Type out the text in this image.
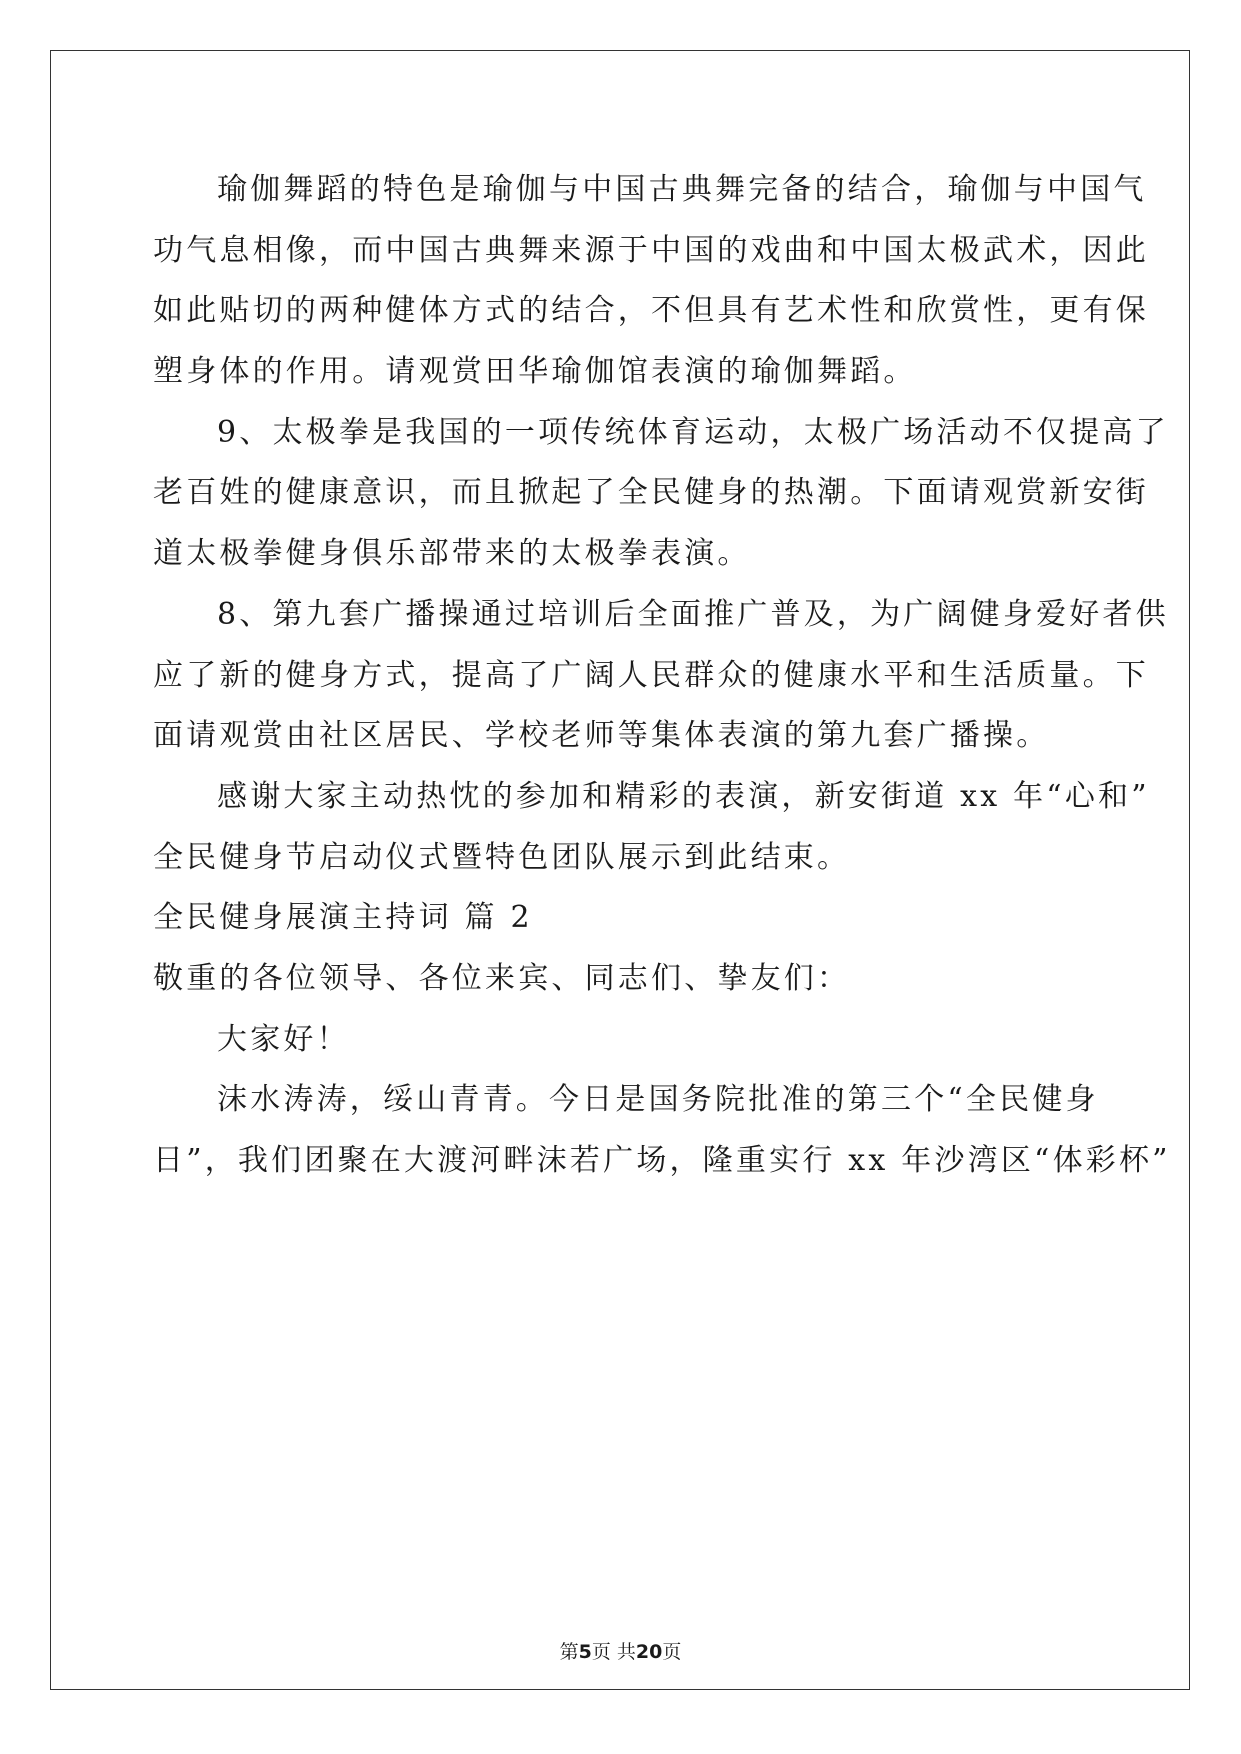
瑜伽舞蹈的特色是瑜伽与中国古典舞完备的结合，瑜伽与中国气
功气息相像，而中国古典舞来源于中国的戏曲和中国太极武术，因此
如此贴切的两种健体方式的结合，不但具有艺术性和欣赏性，更有保
塑身体的作用。请观赏田华瑜伽馆表演的瑜伽舞蹈。
9、太极拳是我国的一项传统体育运动，太极广场活动不仅提高了
老百姓的健康意识，而且掀起了全民健身的热潮。下面请观赏新安街
道太极拳健身俱乐部带来的太极拳表演。
8、第九套广播操通过培训后全面推广普及，为广阔健身爱好者供
应了新的健身方式，提高了广阔人民群众的健康水平和生活质量。下
面请观赏由社区居民、学校老师等集体表演的第九套广播操。
感谢大家主动热忱的参加和精彩的表演，新安街道 xx 年“心和”
全民健身节启动仪式暨特色团队展示到此结束。
全民健身展演主持词 篇 2
敬重的各位领导、各位来宾、同志们、挚友们：
大家好！
沫水涛涛，绥山青青。今日是国务院批准的第三个“全民健身
日”，我们团聚在大渡河畔沫若广场，隆重实行 xx 年沙湾区“体彩杯”
第5页 共20页
